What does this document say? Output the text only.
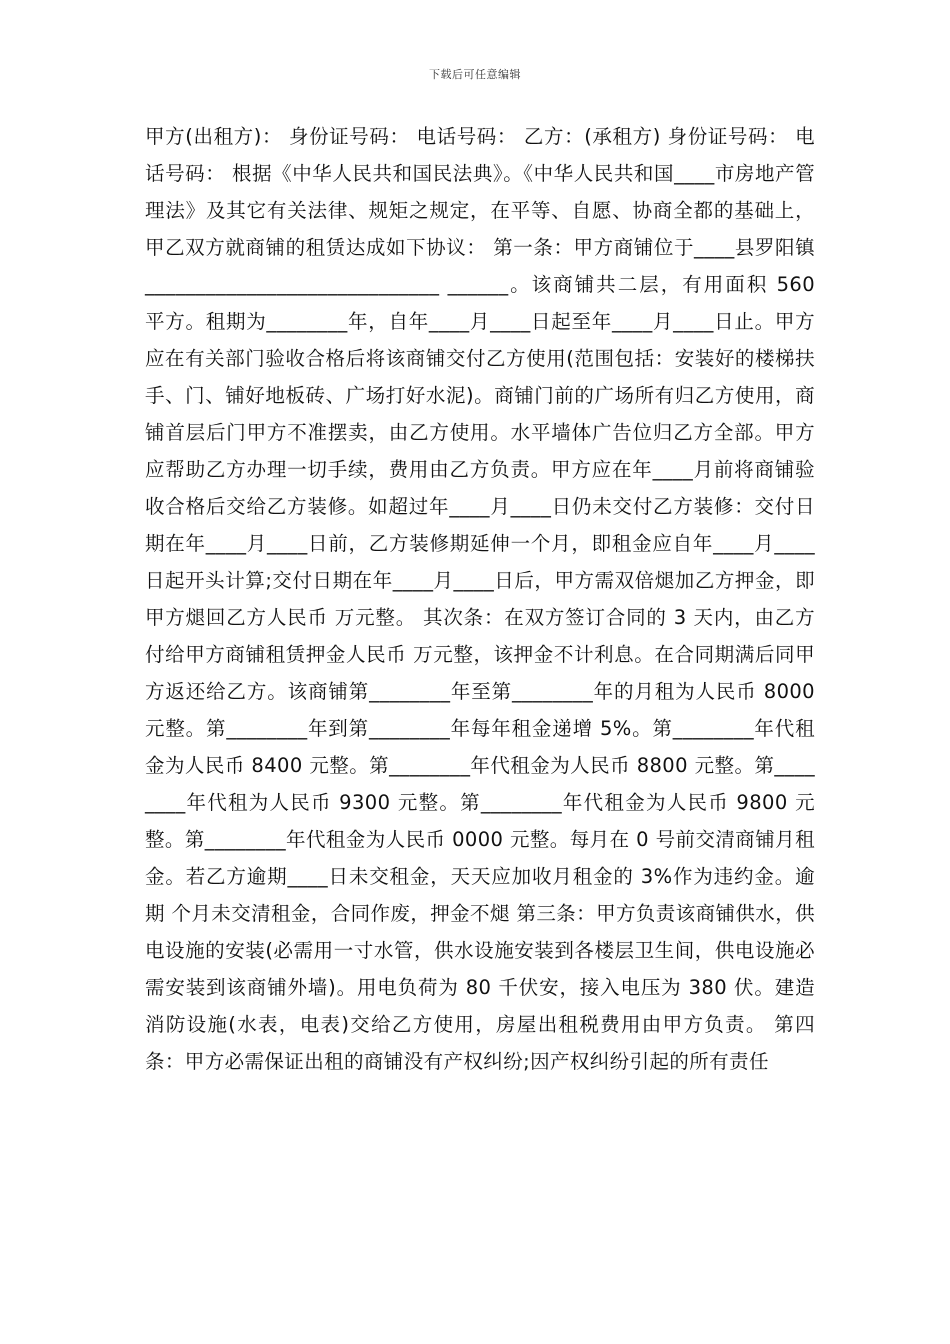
下载后可任意编辑

甲方(出租方)： 身份证号码： 电话号码： 乙方：(承租方) 身份证号码： 电话号码： 根据《中华人民共和国民法典》。《中华人民共和国____市房地产管理法》及其它有关法律、规矩之规定，在平等、自愿、协商全都的基础上，甲乙双方就商铺的租赁达成如下协议： 第一条：甲方商铺位于____县罗阳镇_____________________________ ______。该商铺共二层，有用面积 560 平方。租期为________年，自年____月____日起至年____月____日止。甲方应在有关部门验收合格后将该商铺交付乙方使用(范围包括：安装好的楼梯扶手、门、铺好地板砖、广场打好水泥)。商铺门前的广场所有归乙方使用，商铺首层后门甲方不准摆卖，由乙方使用。水平墙体广告位归乙方全部。甲方应帮助乙方办理一切手续，费用由乙方负责。甲方应在年____月前将商铺验收合格后交给乙方装修。如超过年____月____日仍未交付乙方装修：交付日期在年____月____日前，乙方装修期延伸一个月，即租金应自年____月____日起开头计算;交付日期在年____月____日后，甲方需双倍煺加乙方押金，即甲方煺回乙方人民币 万元整。 其次条：在双方签订合同的 3 天内，由乙方付给甲方商铺租赁押金人民币 万元整，该押金不计利息。在合同期满后同甲方返还给乙方。该商铺第________年至第________年的月租为人民币 8000 元整。第________年到第________年每年租金递增 5%。第________年代租金为人民币 8400 元整。第________年代租金为人民币 8800 元整。第________年代租为人民币 9300 元整。第________年代租金为人民币 9800 元整。第________年代租金为人民币 0000 元整。每月在 0 号前交清商铺月租金。若乙方逾期____日未交租金，天天应加收月租金的 3%作为违约金。逾期 个月未交清租金，合同作废，押金不煺 第三条：甲方负责该商铺供水，供电设施的安装(必需用一寸水管，供水设施安装到各楼层卫生间，供电设施必需安装到该商铺外墙)。用电负荷为 80 千伏安，接入电压为 380 伏。建造消防设施(水表，电表)交给乙方使用，房屋出租税费用由甲方负责。 第四条：甲方必需保证出租的商铺没有产权纠纷;因产权纠纷引起的所有责任
